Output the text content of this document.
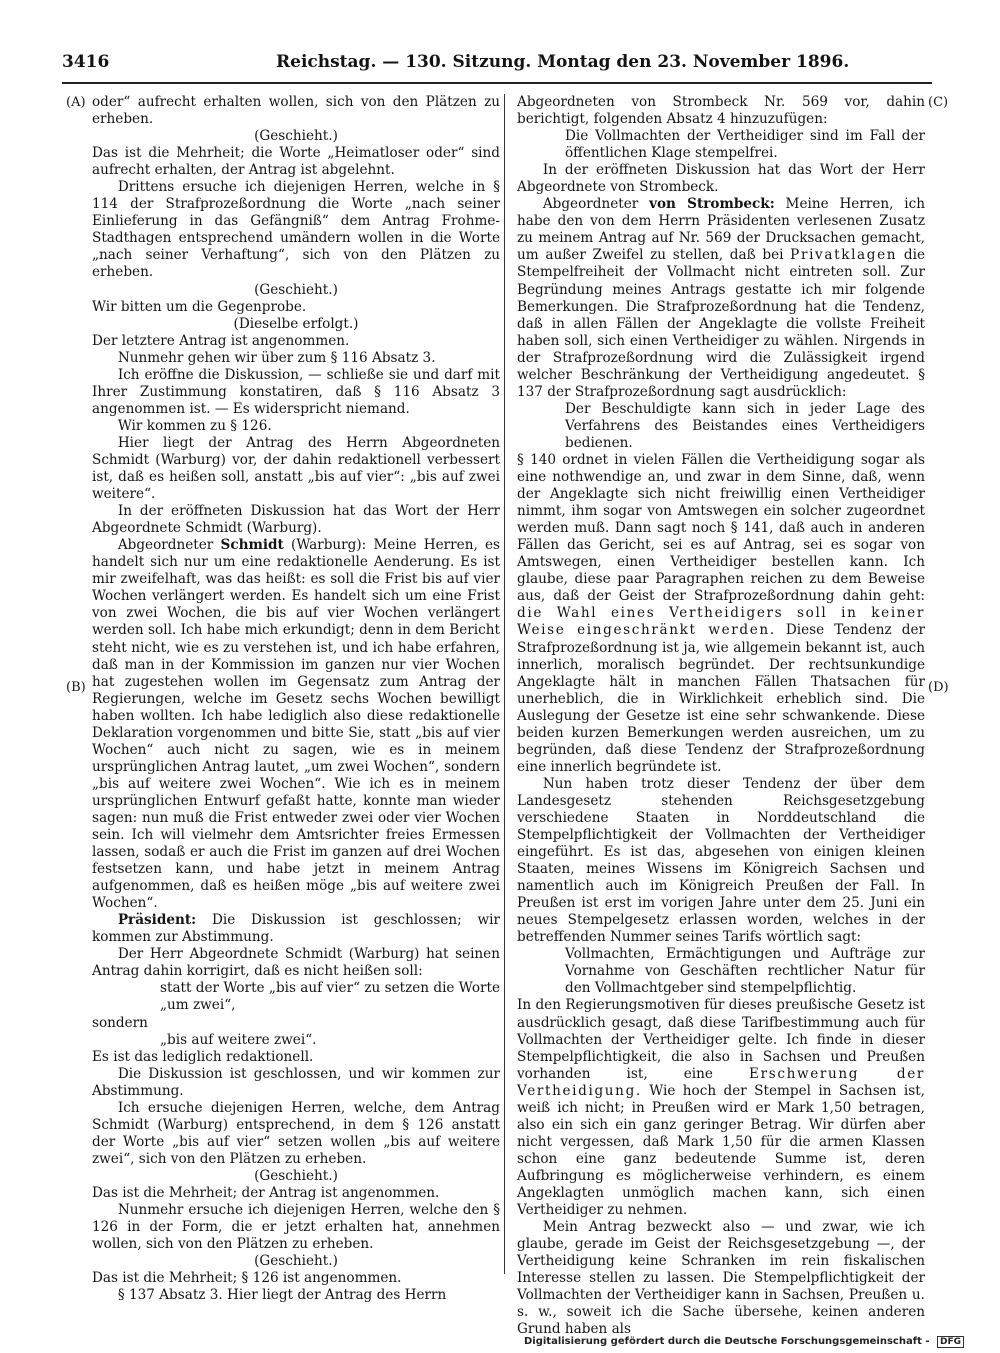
3416	Reichstag. — 130. Sitzung. Montag den 23. November 1896.
(A)
(B)
(C)
(D)

oder“ aufrecht erhalten wollen, sich von den Plätzen zu erheben.

(Geschieht.)

Das ist die Mehrheit; die Worte „Heimatloser oder“ sind aufrecht erhalten, der Antrag ist abgelehnt.

Drittens ersuche ich diejenigen Herren, welche in § 114 der Strafprozeßordnung die Worte „nach seiner Einlieferung in das Gefängniß“ dem Antrag Frohme-Stadthagen entsprechend umändern wollen in die Worte „nach seiner Verhaftung“, sich von den Plätzen zu erheben.

(Geschieht.)

Wir bitten um die Gegenprobe.

(Dieselbe erfolgt.)

Der letztere Antrag ist angenommen.

Nunmehr gehen wir über zum § 116 Absatz 3.

Ich eröffne die Diskussion, — schließe sie und darf mit Ihrer Zustimmung konstatiren, daß § 116 Absatz 3 angenommen ist. — Es widerspricht niemand.

Wir kommen zu § 126.

Hier liegt der Antrag des Herrn Abgeordneten Schmidt (Warburg) vor, der dahin redaktionell verbessert ist, daß es heißen soll, anstatt „bis auf vier“: „bis auf zwei weitere“.

In der eröffneten Diskussion hat das Wort der Herr Abgeordnete Schmidt (Warburg).

Abgeordneter Schmidt (Warburg): Meine Herren, es handelt sich nur um eine redaktionelle Aenderung. Es ist mir zweifelhaft, was das heißt: es soll die Frist bis auf vier Wochen verlängert werden. Es handelt sich um eine Frist von zwei Wochen, die bis auf vier Wochen verlängert werden soll. Ich habe mich erkundigt; denn in dem Bericht steht nicht, wie es zu verstehen ist, und ich habe erfahren, daß man in der Kommission im ganzen nur vier Wochen hat zugestehen wollen im Gegensatz zum Antrag der Regierungen, welche im Gesetz sechs Wochen bewilligt haben wollten. Ich habe lediglich also diese redaktionelle Deklaration vorgenommen und bitte Sie, statt „bis auf vier Wochen“ auch nicht zu sagen, wie es in meinem ursprünglichen Antrag lautet, „um zwei Wochen“, sondern „bis auf weitere zwei Wochen“. Wie ich es in meinem ursprünglichen Entwurf gefaßt hatte, konnte man wieder sagen: nun muß die Frist entweder zwei oder vier Wochen sein. Ich will vielmehr dem Amtsrichter freies Ermessen lassen, sodaß er auch die Frist im ganzen auf drei Wochen festsetzen kann, und habe jetzt in meinem Antrag aufgenommen, daß es heißen möge „bis auf weitere zwei Wochen“.

Präsident: Die Diskussion ist geschlossen; wir kommen zur Abstimmung.

Der Herr Abgeordnete Schmidt (Warburg) hat seinen Antrag dahin korrigirt, daß es nicht heißen soll:

statt der Worte „bis auf vier“ zu setzen die Worte „um zwei“,

sondern

„bis auf weitere zwei“.

Es ist das lediglich redaktionell.

Die Diskussion ist geschlossen, und wir kommen zur Abstimmung.

Ich ersuche diejenigen Herren, welche, dem Antrag Schmidt (Warburg) entsprechend, in dem § 126 anstatt der Worte „bis auf vier“ setzen wollen „bis auf weitere zwei“, sich von den Plätzen zu erheben.

(Geschieht.)

Das ist die Mehrheit; der Antrag ist angenommen.

Nunmehr ersuche ich diejenigen Herren, welche den § 126 in der Form, die er jetzt erhalten hat, annehmen wollen, sich von den Plätzen zu erheben.

(Geschieht.)

Das ist die Mehrheit; § 126 ist angenommen.

§ 137 Absatz 3. Hier liegt der Antrag des Herrn

Abgeordneten von Strombeck Nr. 569 vor, dahin berichtigt, folgenden Absatz 4 hinzuzufügen:

Die Vollmachten der Vertheidiger sind im Fall der öffentlichen Klage stempelfrei.

In der eröffneten Diskussion hat das Wort der Herr Abgeordnete von Strombeck.

Abgeordneter von Strombeck: Meine Herren, ich habe den von dem Herrn Präsidenten verlesenen Zusatz zu meinem Antrag auf Nr. 569 der Drucksachen gemacht, um außer Zweifel zu stellen, daß bei Privatklagen die Stempelfreiheit der Vollmacht nicht eintreten soll. Zur Begründung meines Antrags gestatte ich mir folgende Bemerkungen. Die Strafprozeßordnung hat die Tendenz, daß in allen Fällen der Angeklagte die vollste Freiheit haben soll, sich einen Vertheidiger zu wählen. Nirgends in der Strafprozeßordnung wird die Zulässigkeit irgend welcher Beschränkung der Vertheidigung angedeutet. § 137 der Strafprozeßordnung sagt ausdrücklich:

Der Beschuldigte kann sich in jeder Lage des Verfahrens des Beistandes eines Vertheidigers bedienen.

§ 140 ordnet in vielen Fällen die Vertheidigung sogar als eine nothwendige an, und zwar in dem Sinne, daß, wenn der Angeklagte sich nicht freiwillig einen Vertheidiger nimmt, ihm sogar von Amtswegen ein solcher zugeordnet werden muß. Dann sagt noch § 141, daß auch in anderen Fällen das Gericht, sei es auf Antrag, sei es sogar von Amtswegen, einen Vertheidiger bestellen kann. Ich glaube, diese paar Paragraphen reichen zu dem Beweise aus, daß der Geist der Strafprozeßordnung dahin geht: die Wahl eines Vertheidigers soll in keiner Weise eingeschränkt werden. Diese Tendenz der Strafprozeßordnung ist ja, wie allgemein bekannt ist, auch innerlich, moralisch begründet. Der rechtsunkundige Angeklagte hält in manchen Fällen Thatsachen für unerheblich, die in Wirklichkeit erheblich sind. Die Auslegung der Gesetze ist eine sehr schwankende. Diese beiden kurzen Bemerkungen werden ausreichen, um zu begründen, daß diese Tendenz der Strafprozeßordnung eine innerlich begründete ist.

Nun haben trotz dieser Tendenz der über dem Landesgesetz stehenden Reichsgesetzgebung verschiedene Staaten in Norddeutschland die Stempelpflichtigkeit der Vollmachten der Vertheidiger eingeführt. Es ist das, abgesehen von einigen kleinen Staaten, meines Wissens im Königreich Sachsen und namentlich auch im Königreich Preußen der Fall. In Preußen ist erst im vorigen Jahre unter dem 25. Juni ein neues Stempelgesetz erlassen worden, welches in der betreffenden Nummer seines Tarifs wörtlich sagt:

Vollmachten, Ermächtigungen und Aufträge zur Vornahme von Geschäften rechtlicher Natur für den Vollmachtgeber sind stempelpflichtig.

In den Regierungsmotiven für dieses preußische Gesetz ist ausdrücklich gesagt, daß diese Tarifbestimmung auch für Vollmachten der Vertheidiger gelte. Ich finde in dieser Stempelpflichtigkeit, die also in Sachsen und Preußen vorhanden ist, eine Erschwerung der Vertheidigung. Wie hoch der Stempel in Sachsen ist, weiß ich nicht; in Preußen wird er Mark 1,50 betragen, also ein sich ein ganz geringer Betrag. Wir dürfen aber nicht vergessen, daß Mark 1,50 für die armen Klassen schon eine ganz bedeutende Summe ist, deren Aufbringung es möglicherweise verhindern, es einem Angeklagten unmöglich machen kann, sich einen Vertheidiger zu nehmen.

Mein Antrag bezweckt also — und zwar, wie ich glaube, gerade im Geist der Reichsgesetzgebung —, der Vertheidigung keine Schranken im rein fiskalischen Interesse stellen zu lassen. Die Stempelpflichtigkeit der Vollmachten der Vertheidiger kann in Sachsen, Preußen u. s. w., soweit ich die Sache übersehe, keinen anderen Grund haben als

Digitalisierung gefördert durch die Deutsche Forschungsgemeinschaft - DFG
